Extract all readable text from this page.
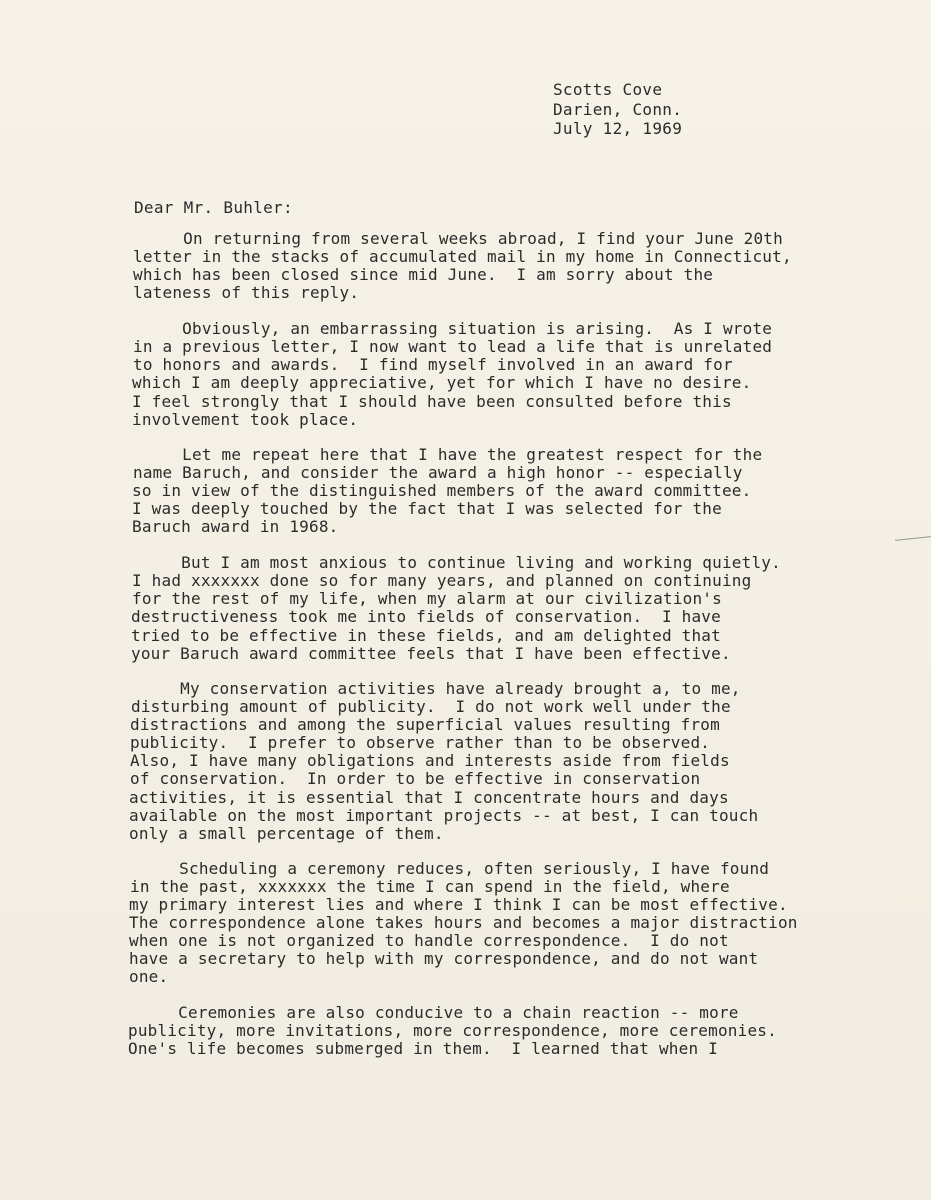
Scotts Cove
Darien, Conn.
July 12, 1969
Dear Mr. Buhler:
On returning from several weeks abroad, I find your June 20th
letter in the stacks of accumulated mail in my home in Connecticut,
which has been closed since mid June.  I am sorry about the
lateness of this reply.
Obviously, an embarrassing situation is arising.  As I wrote
in a previous letter, I now want to lead a life that is unrelated
to honors and awards.  I find myself involved in an award for
which I am deeply appreciative, yet for which I have no desire.
I feel strongly that I should have been consulted before this
involvement took place.
Let me repeat here that I have the greatest respect for the
name Baruch, and consider the award a high honor -- especially
so in view of the distinguished members of the award committee.
I was deeply touched by the fact that I was selected for the
Baruch award in 1968.
But I am most anxious to continue living and working quietly.
I had xxxxxxx done so for many years, and planned on continuing
for the rest of my life, when my alarm at our civilization's
destructiveness took me into fields of conservation.  I have
tried to be effective in these fields, and am delighted that
your Baruch award committee feels that I have been effective.
My conservation activities have already brought a, to me,
disturbing amount of publicity.  I do not work well under the
distractions and among the superficial values resulting from
publicity.  I prefer to observe rather than to be observed.
Also, I have many obligations and interests aside from fields
of conservation.  In order to be effective in conservation
activities, it is essential that I concentrate hours and days
available on the most important projects -- at best, I can touch
only a small percentage of them.
Scheduling a ceremony reduces, often seriously, I have found
in the past, xxxxxxx the time I can spend in the field, where
my primary interest lies and where I think I can be most effective.
The correspondence alone takes hours and becomes a major distraction
when one is not organized to handle correspondence.  I do not
have a secretary to help with my correspondence, and do not want
one.
Ceremonies are also conducive to a chain reaction -- more
publicity, more invitations, more correspondence, more ceremonies.
One's life becomes submerged in them.  I learned that when I
